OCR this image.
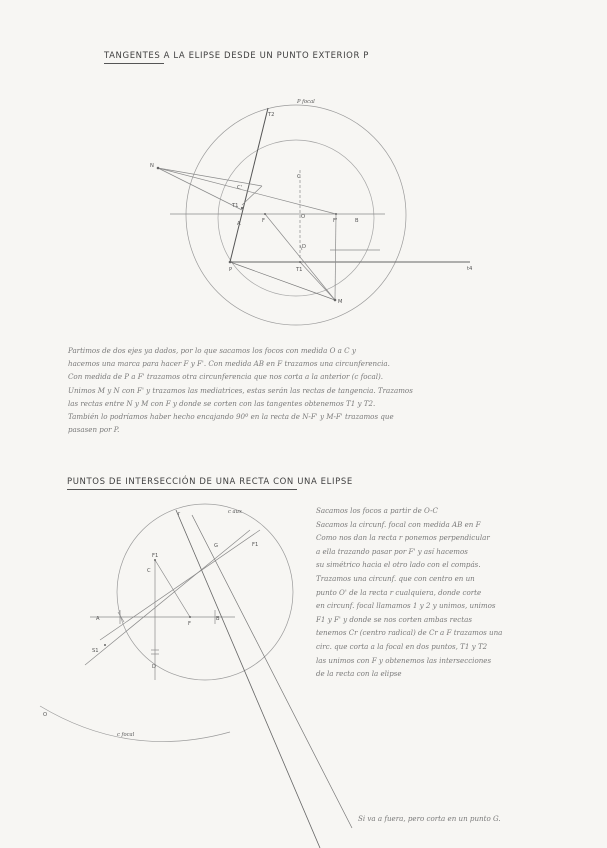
TANGENTES A LA ELIPSE DESDE UN PUNTO EXTERIOR P
P focal
T2
N
C
C'
T1
A	F
O
F'	B
D
P	T1	t4
M
c aux
r
G	F1
F1
C
A
F
B
D
S1
O
c focal

Partimos de dos ejes ya dados, por lo que sacamos los focos con medida O a C y

hacemos una marca para hacer F y F'. Con medida AB en F trazamos una circunferencia.

Con medida de P a F' trazamos otra circunferencia que nos corta a la anterior (c focal).

Unimos M y N con F' y trazamos las mediatrices, estas serán las rectas de tangencia. Trazamos

las rectas entre N y M con F y donde se corten con las tangentes obtenemos T1 y T2.

También lo podríamos haber hecho encajando 90º en la recta de N-F' y M-F' trazamos que

pasasen por P.

PUNTOS DE INTERSECCIÓN DE UNA RECTA CON UNA ELIPSE

Sacamos los focos a partir de O-C

Sacamos la circunf. focal con medida AB en F

Como nos dan la recta r ponemos perpendicular

a ella trazando pasar por F' y así hacemos

su simétrico hacia el otro lado con el compás.

Trazamos una circunf. que con centro en un

punto O' de la recta r cualquiera, donde corte

en circunf. focal llamamos 1 y 2 y unimos, unimos

F1 y F' y donde se nos corten ambas rectas

tenemos Cr (centro radical) de Cr a F trazamos una

circ. que corta a la focal en dos puntos, T1 y T2

las unimos con F y obtenemos las intersecciones

de la recta con la elipse

Si va a fuera, pero corta en un punto G.
